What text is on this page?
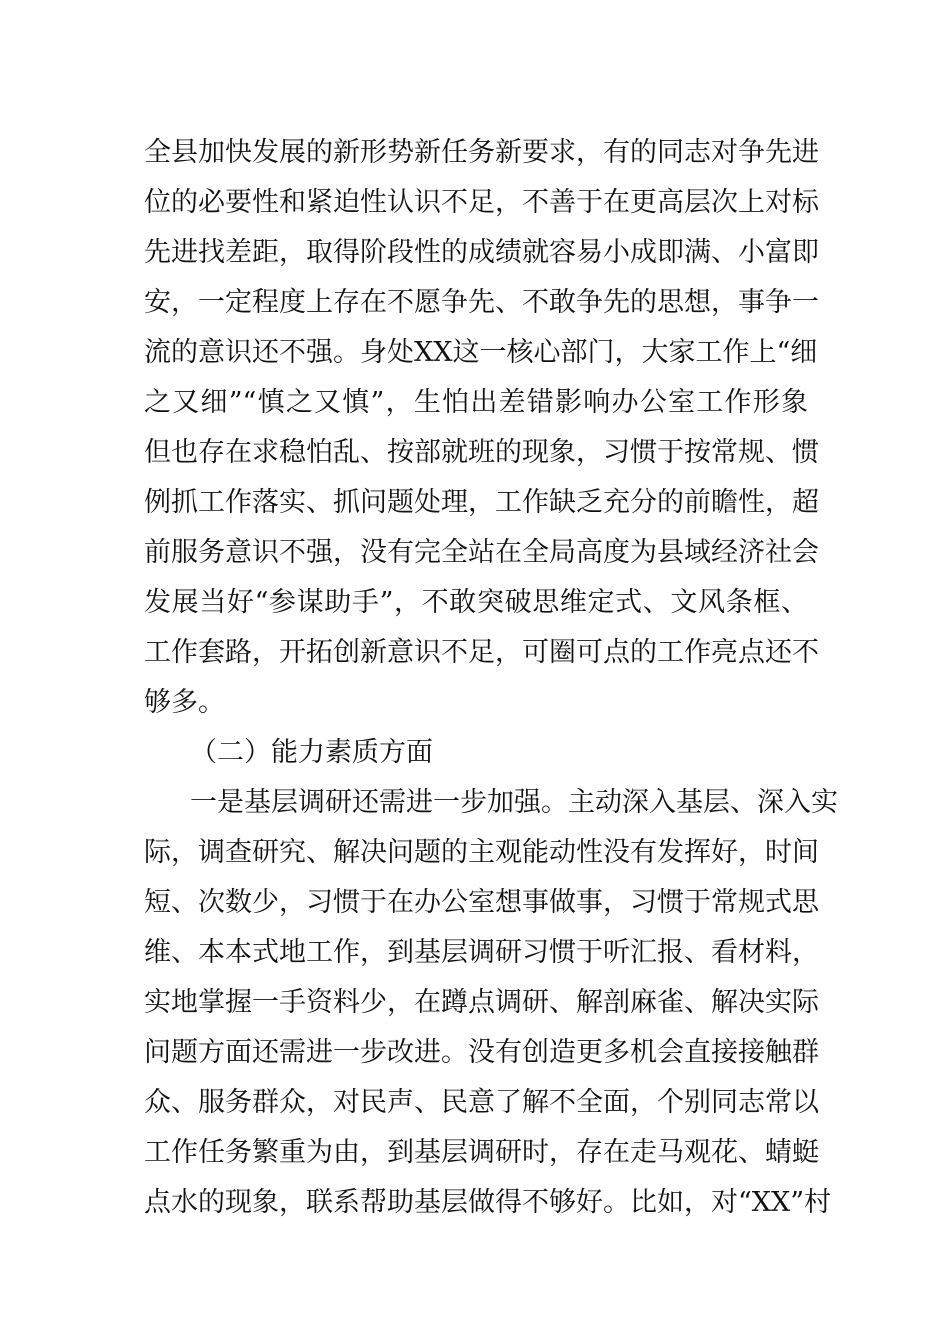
全县加快发展的新形势新任务新要求，有的同志对争先进

位的必要性和紧迫性认识不足，不善于在更高层次上对标

先进找差距，取得阶段性的成绩就容易小成即满、小富即

安，一定程度上存在不愿争先、不敢争先的思想，事争一

流的意识还不强。身处XX这一核心部门，大家工作上“细

之又细”“慎之又慎”，生怕出差错影响办公室工作形象

但也存在求稳怕乱、按部就班的现象，习惯于按常规、惯

例抓工作落实、抓问题处理，工作缺乏充分的前瞻性，超

前服务意识不强，没有完全站在全局高度为县域经济社会

发展当好“参谋助手”，不敢突破思维定式、文风条框、

工作套路，开拓创新意识不足，可圈可点的工作亮点还不

够多。

（二）能力素质方面

一是基层调研还需进一步加强。主动深入基层、深入实

际，调查研究、解决问题的主观能动性没有发挥好，时间

短、次数少，习惯于在办公室想事做事，习惯于常规式思

维、本本式地工作，到基层调研习惯于听汇报、看材料，

实地掌握一手资料少，在蹲点调研、解剖麻雀、解决实际

问题方面还需进一步改进。没有创造更多机会直接接触群

众、服务群众，对民声、民意了解不全面，个别同志常以

工作任务繁重为由，到基层调研时，存在走马观花、蜻蜓

点水的现象，联系帮助基层做得不够好。比如，对“XX”村
